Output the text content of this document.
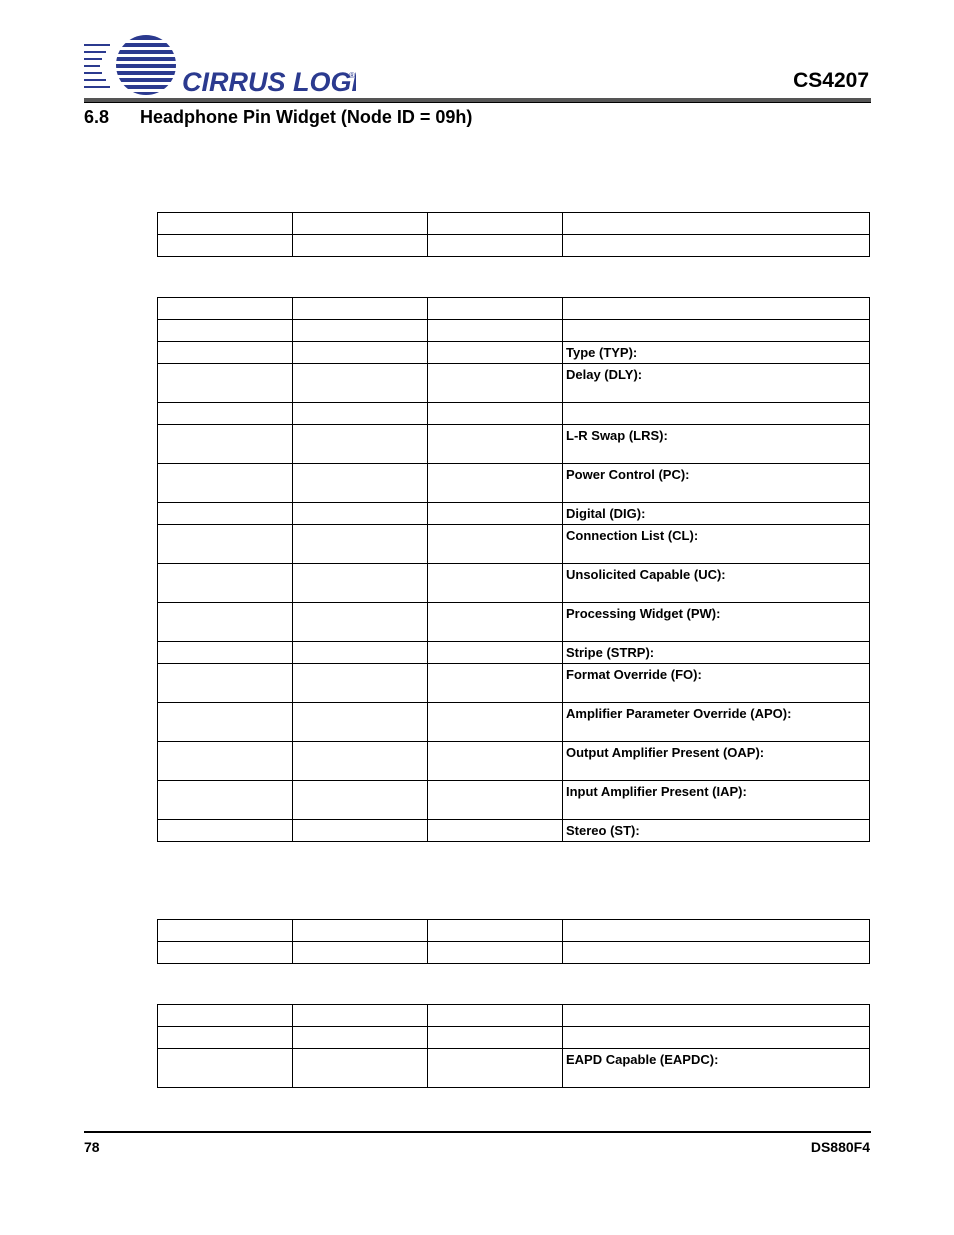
CIRRUS LOG
®	CS4207
6.8 Headphone Pin Widget (Node ID = 09h)

			Type (TYP):

			Delay (DLY):

			L-R Swap (LRS):

			Power Control (PC):

			Digital (DIG):

			Connection List (CL):

			Unsolicited Capable (UC):

			Processing Widget (PW):

			Stripe (STRP):

			Format Override (FO):

			Amplifier Parameter Override (APO):

			Output Amplifier Present (OAP):

			Input Amplifier Present (IAP):

			Stereo (ST):

			EAPD Capable (EAPDC):
78	DS880F4
